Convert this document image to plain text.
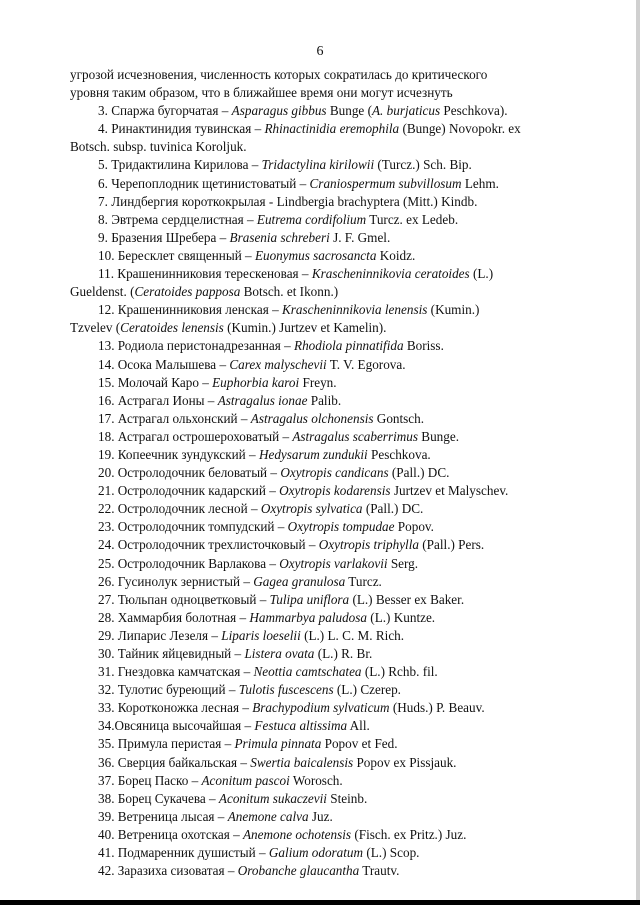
6

угрозой исчезновения, численность которых сократилась до критического

уровня таким образом, что в ближайшее время они могут исчезнуть

3. Спаржа бугорчатая – Asparagus gibbus Bunge (A. burjaticus Peschkova).

4. Ринактинидия тувинская – Rhinactinidia eremophila (Bunge) Novopokr. ex
Botsch. subsp. tuvinica Koroljuk.

5. Тридактилина Кирилова – Tridactylina kirilowii (Turcz.) Sch. Bip.

6. Черепоплодник щетинистоватый – Craniospermum subvillosum Lehm.

7. Линдбергия короткокрылая - Lindbergia brachyptera (Mitt.) Kindb.

8. Эвтрема сердцелистная – Eutrema cordifolium Turcz. ex Ledeb.

9. Бразения Шребера – Brasenia schreberi J. F. Gmel.

10. Бересклет священный – Euonymus sacrosancta Koidz.

11. Крашенинниковия терескеновая – Krascheninnikovia ceratoides (L.)
Gueldenst. (Ceratoides papposa Botsch. et Ikonn.)

12. Крашенинниковия ленская – Krascheninnikovia lenensis (Kumin.)
Tzvelev (Ceratoides lenensis (Kumin.) Jurtzev et Kamelin).

13. Родиола перистонадрезанная – Rhodiola pinnatifida Boriss.

14. Осока Малышева – Carex malyschevii T. V. Egorova.

15. Молочай Каро – Euphorbia karoi Freyn.

16. Астрагал Ионы – Astragalus ionae Palib.

17. Астрагал ольхонский – Astragalus olchonensis Gontsch.

18. Астрагал острошероховатый – Astragalus scaberrimus Bunge.

19. Копеечник зундукский – Hedysarum zundukii Peschkova.

20. Остролодочник беловатый – Oxytropis candicans (Pall.) DC.

21. Остролодочник кадарский – Oxytropis kodarensis Jurtzev et Malyschev.

22. Остролодочник лесной – Oxytropis sylvatica (Pall.) DC.

23. Остролодочник томпудский – Oxytropis tompudae Popov.

24. Остролодочник трехлисточковый – Oxytropis triphylla (Pall.) Pers.

25. Остролодочник Варлакова – Oxytropis varlakovii Serg.

26. Гусинолук зернистый – Gagea granulosa Turcz.

27. Тюльпан одноцветковый – Tulipa uniflora (L.) Besser ex Baker.

28. Хаммарбия болотная – Hammarbya paludosa (L.) Kuntze.

29. Липарис Лезеля – Liparis loeselii (L.) L. C. M. Rich.

30. Тайник яйцевидный – Listera ovata (L.) R. Br.

31. Гнездовка камчатская – Neottia camtschatea (L.) Rchb. fil.

32. Тулотис буреющий – Tulotis fuscescens (L.) Czerep.

33. Коротконожка лесная – Brachypodium sylvaticum (Huds.) P. Beauv.

34.Овсяница высочайшая – Festuca altissima All.

35. Примула перистая – Primula pinnata Popov et Fed.

36. Сверция байкальская – Swertia baicalensis Popov ex Pissjauk.

37. Борец Паско – Aconitum pascoi Worosch.

38. Борец Сукачева – Aconitum sukaczevii Steinb.

39. Ветреница лысая – Anemone calva Juz.

40. Ветреница охотская – Anemone ochotensis (Fisch. ex Pritz.) Juz.

41. Подмаренник душистый – Galium odoratum (L.) Scop.

42. Заразиха сизоватая – Orobanche glaucantha Trautv.
